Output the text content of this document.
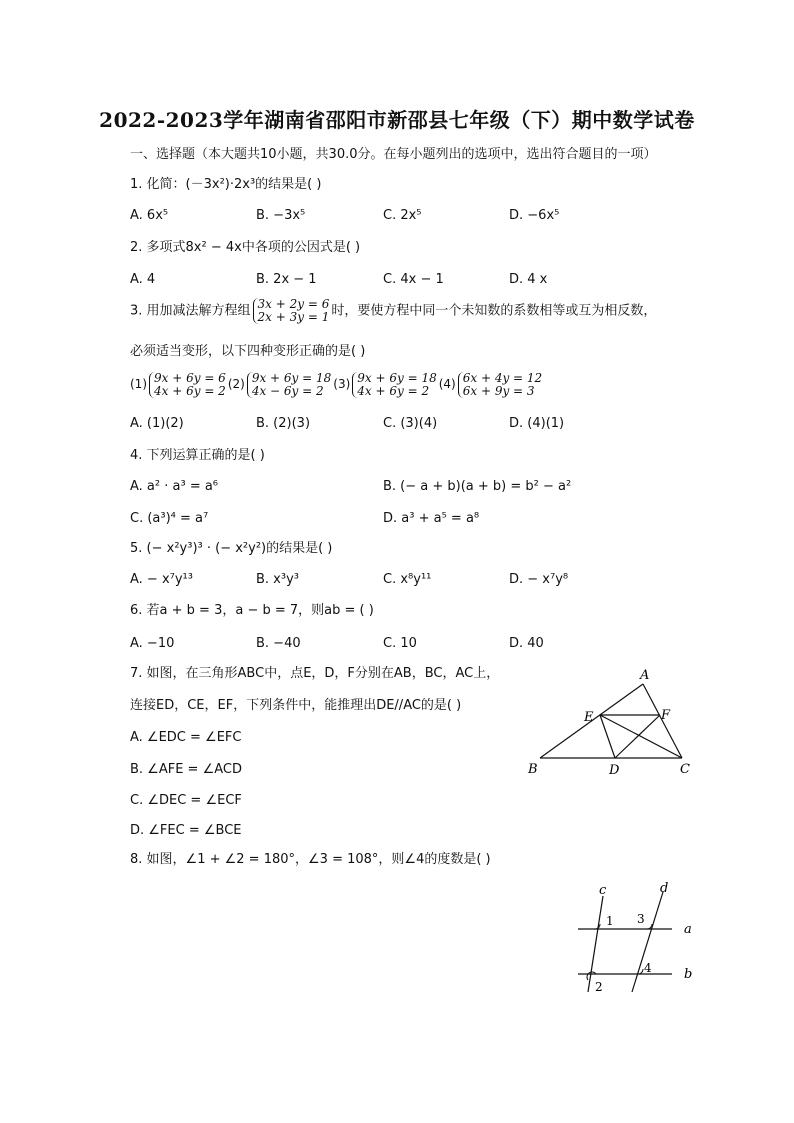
2022-2023学年湖南省邵阳市新邵县七年级（下）期中数学试卷
一、选择题（本大题共10小题，共30.0分。在每小题列出的选项中，选出符合题目的一项）
1. 化简：(－3x²)·2x³的结果是( )
A. 6x⁵	B. −3x⁵	C. 2x⁵	D. −6x⁵
2. 多项式8x² − 4x中各项的公因式是( )
A. 4	B. 2x − 1	C. 4x − 1	D. 4 x
3. 用加减法解方程组 3x + 2y = 6
2x + 3y = 1 时，要使方程中同一个未知数的系数相等或互为相反数，
必须适当变形，以下四种变形正确的是( )
(1) 9x + 6y = 6
4x + 6y = 2 (2) 9x + 6y = 18
4x − 6y = 2 (3) 9x + 6y = 18
4x + 6y = 2 (4) 6x + 4y = 12
6x + 9y = 3
A. (1)(2)	B. (2)(3)	C. (3)(4)	D. (4)(1)
4. 下列运算正确的是( )
A. a² · a³ = a⁶	B. (− a + b)(a + b) = b² − a²
C. (a³)⁴ = a⁷	D. a³ + a⁵ = a⁸
5. (− x²y³)³ · (− x²y²)的结果是( )
A. − x⁷y¹³	B. x³y³	C. x⁸y¹¹	D. − x⁷y⁸
6. 若a + b = 3，a − b = 7，则ab = ( )
A. −10	B. −40	C. 10	D. 40
7. 如图，在三角形ABC中，点E，D，F分别在AB，BC，AC上，
连接ED，CE，EF，下列条件中，能推理出DE//AC的是( )
A. ∠EDC = ∠EFC
B. ∠AFE = ∠ACD
C. ∠DEC = ∠ECF
D. ∠FEC = ∠BCE
A
B	C
D
E	F
8. 如图，∠1 + ∠2 = 180°，∠3 = 108°，则∠4的度数是( )
c	d
a
b
1
2
3
4
